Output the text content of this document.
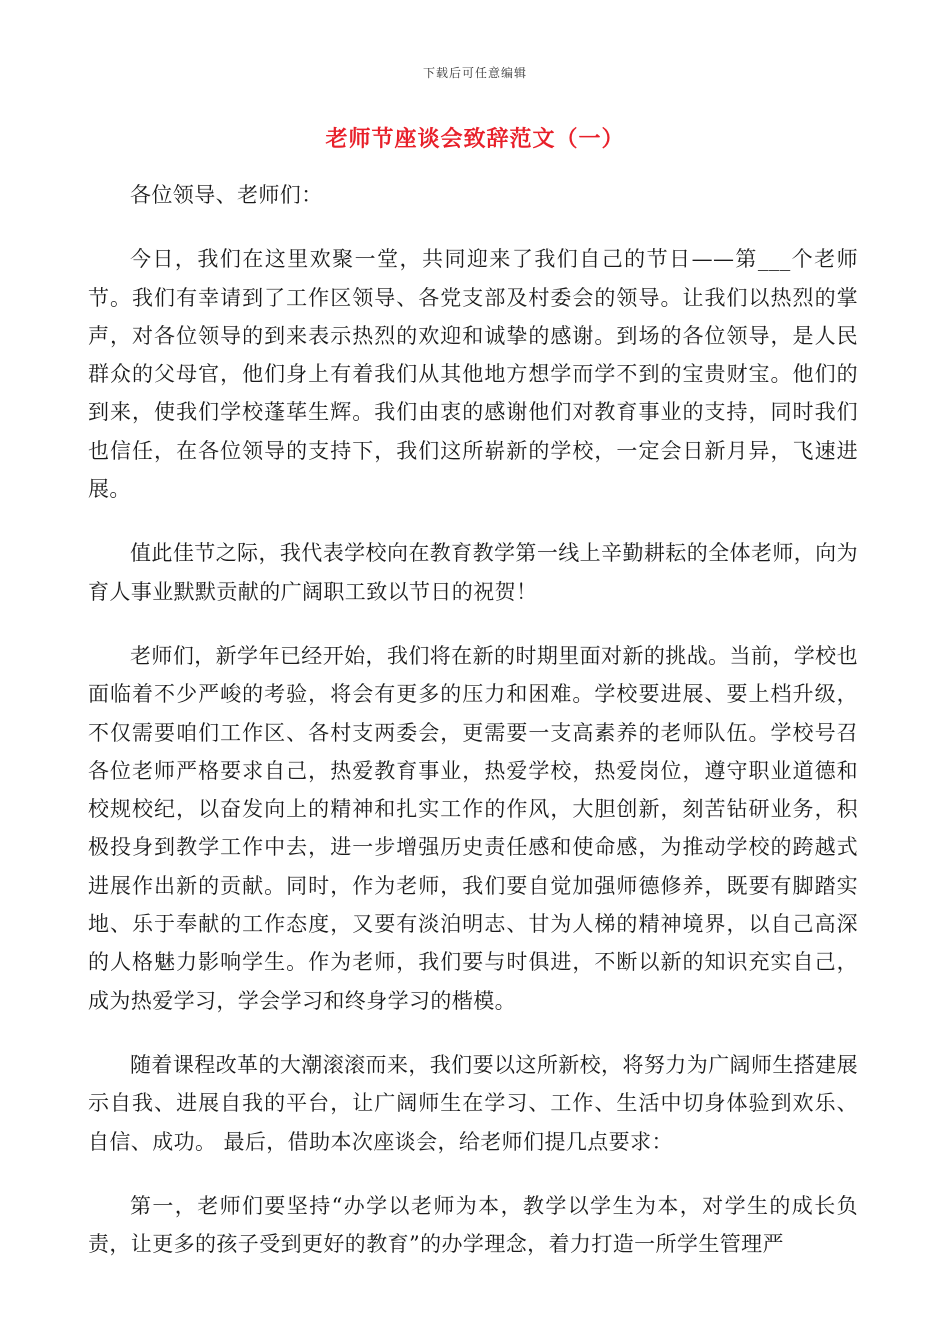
下载后可任意编辑
老师节座谈会致辞范文（一）

各位领导、老师们：

今日，我们在这里欢聚一堂，共同迎来了我们自己的节日——第___个老师节。我们有幸请到了工作区领导、各党支部及村委会的领导。让我们以热烈的掌声，对各位领导的到来表示热烈的欢迎和诚挚的感谢。到场的各位领导，是人民群众的父母官，他们身上有着我们从其他地方想学而学不到的宝贵财宝。他们的到来，使我们学校蓬荜生辉。我们由衷的感谢他们对教育事业的支持，同时我们也信任，在各位领导的支持下，我们这所崭新的学校，一定会日新月异，飞速进展。

值此佳节之际，我代表学校向在教育教学第一线上辛勤耕耘的全体老师，向为育人事业默默贡献的广阔职工致以节日的祝贺！

老师们，新学年已经开始，我们将在新的时期里面对新的挑战。当前，学校也面临着不少严峻的考验，将会有更多的压力和困难。学校要进展、要上档升级，不仅需要咱们工作区、各村支两委会，更需要一支高素养的老师队伍。学校号召各位老师严格要求自己，热爱教育事业，热爱学校，热爱岗位，遵守职业道德和校规校纪，以奋发向上的精神和扎实工作的作风，大胆创新，刻苦钻研业务，积极投身到教学工作中去，进一步增强历史责任感和使命感，为推动学校的跨越式进展作出新的贡献。同时，作为老师，我们要自觉加强师德修养，既要有脚踏实地、乐于奉献的工作态度，又要有淡泊明志、甘为人梯的精神境界，以自己高深的人格魅力影响学生。作为老师，我们要与时俱进，不断以新的知识充实自己，成为热爱学习，学会学习和终身学习的楷模。

随着课程改革的大潮滚滚而来，我们要以这所新校，将努力为广阔师生搭建展示自我、进展自我的平台，让广阔师生在学习、工作、生活中切身体验到欢乐、自信、成功。 最后，借助本次座谈会，给老师们提几点要求：

第一，老师们要坚持“办学以老师为本，教学以学生为本，对学生的成长负责，让更多的孩子受到更好的教育”的办学理念，着力打造一所学生管理严
